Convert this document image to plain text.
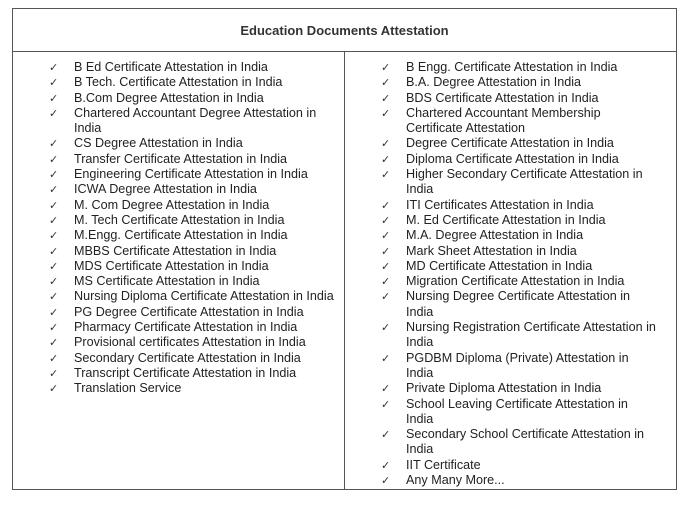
Education Documents Attestation
✓ B Ed Certificate Attestation in India
✓ B Tech. Certificate Attestation in India
✓ B.Com Degree Attestation in India
✓ Chartered Accountant Degree Attestation in India
✓ CS Degree Attestation in India
✓ Transfer Certificate Attestation in India
✓ Engineering Certificate Attestation in India
✓ ICWA Degree Attestation in India
✓ M. Com Degree Attestation in India
✓ M. Tech Certificate Attestation in India
✓ M.Engg. Certificate Attestation in India
✓ MBBS Certificate Attestation in India
✓ MDS Certificate Attestation in India
✓ MS Certificate Attestation in India
✓ Nursing Diploma Certificate Attestation in India
✓ PG Degree Certificate Attestation in India
✓ Pharmacy Certificate Attestation in India
✓ Provisional certificates Attestation in India
✓ Secondary Certificate Attestation in India
✓ Transcript Certificate Attestation in India
✓ Translation Service
✓ B Engg. Certificate Attestation in India
✓ B.A. Degree Attestation in India
✓ BDS Certificate Attestation in India
✓ Chartered Accountant Membership Certificate Attestation
✓ Degree Certificate Attestation in India
✓ Diploma Certificate Attestation in India
✓ Higher Secondary Certificate Attestation in India
✓ ITI Certificates Attestation in India
✓ M. Ed Certificate Attestation in India
✓ M.A. Degree Attestation in India
✓ Mark Sheet Attestation in India
✓ MD Certificate Attestation in India
✓ Migration Certificate Attestation in India
✓ Nursing Degree Certificate Attestation in India
✓ Nursing Registration Certificate Attestation in India
✓ PGDBM Diploma (Private) Attestation in India
✓ Private Diploma Attestation in India
✓ School Leaving Certificate Attestation in India
✓ Secondary School Certificate Attestation in India
✓ IIT Certificate
✓ Any Many More...
